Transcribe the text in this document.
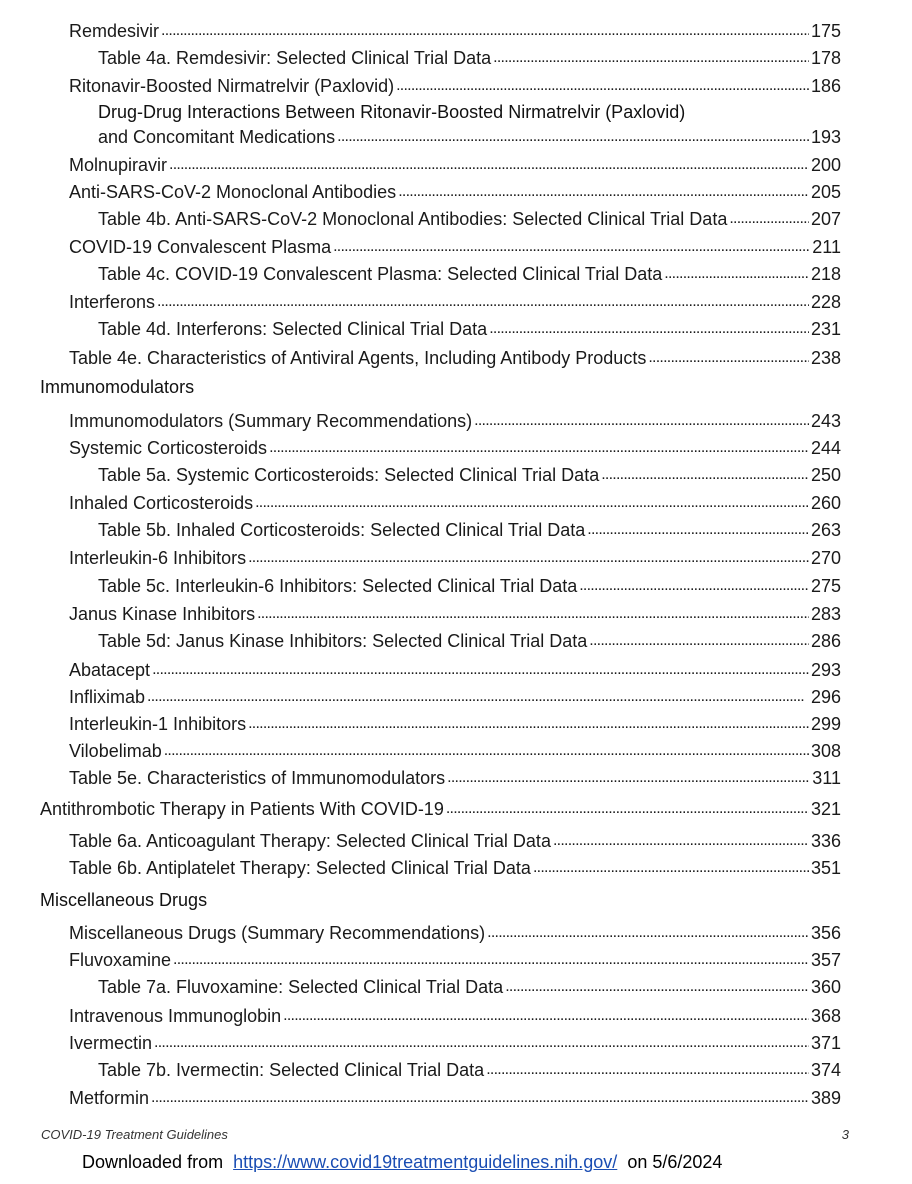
Remdesivir . . .	175
Table 4a. Remdesivir: Selected Clinical Trial Data . . .	178
Ritonavir-Boosted Nirmatrelvir (Paxlovid) . . .	186
Drug-Drug Interactions Between Ritonavir-Boosted Nirmatrelvir (Paxlovid)
and Concomitant Medications . . .	193
Molnupiravir . . .	200
Anti-SARS-CoV-2 Monoclonal Antibodies . . .	205
Table 4b. Anti-SARS-CoV-2 Monoclonal Antibodies: Selected Clinical Trial Data . . .	207
COVID-19 Convalescent Plasma . . .	211
Table 4c. COVID-19 Convalescent Plasma: Selected Clinical Trial Data . . .	218
Interferons . . .	228
Table 4d. Interferons: Selected Clinical Trial Data . . .	231
Table 4e. Characteristics of Antiviral Agents, Including Antibody Products . . .	238
Immunomodulators
Immunomodulators (Summary Recommendations) . . .	243
Systemic Corticosteroids . . .	244
Table 5a. Systemic Corticosteroids: Selected Clinical Trial Data . . .	250
Inhaled Corticosteroids . . .	260
Table 5b. Inhaled Corticosteroids: Selected Clinical Trial Data . . .	263
Interleukin-6 Inhibitors . . .	270
Table 5c. Interleukin-6 Inhibitors: Selected Clinical Trial Data . . .	275
Janus Kinase Inhibitors . . .	283
Table 5d: Janus Kinase Inhibitors: Selected Clinical Trial Data . . .	286
Abatacept . . .	293
Infliximab . . .	296
Interleukin-1 Inhibitors . . .	299
Vilobelimab . . .	308
Table 5e. Characteristics of Immunomodulators . . .	311
Antithrombotic Therapy in Patients With COVID-19 . . .	321
Table 6a. Anticoagulant Therapy: Selected Clinical Trial Data . . .	336
Table 6b. Antiplatelet Therapy: Selected Clinical Trial Data . . .	351
Miscellaneous Drugs
Miscellaneous Drugs (Summary Recommendations) . . .	356
Fluvoxamine . . .	357
Table 7a. Fluvoxamine: Selected Clinical Trial Data . . .	360
Intravenous Immunoglobin . . .	368
Ivermectin . . .	371
Table 7b. Ivermectin: Selected Clinical Trial Data . . .	374
Metformin . . .	389
COVID-19 Treatment Guidelines	3
Downloaded from https://www.covid19treatmentguidelines.nih.gov/ on 5/6/2024
